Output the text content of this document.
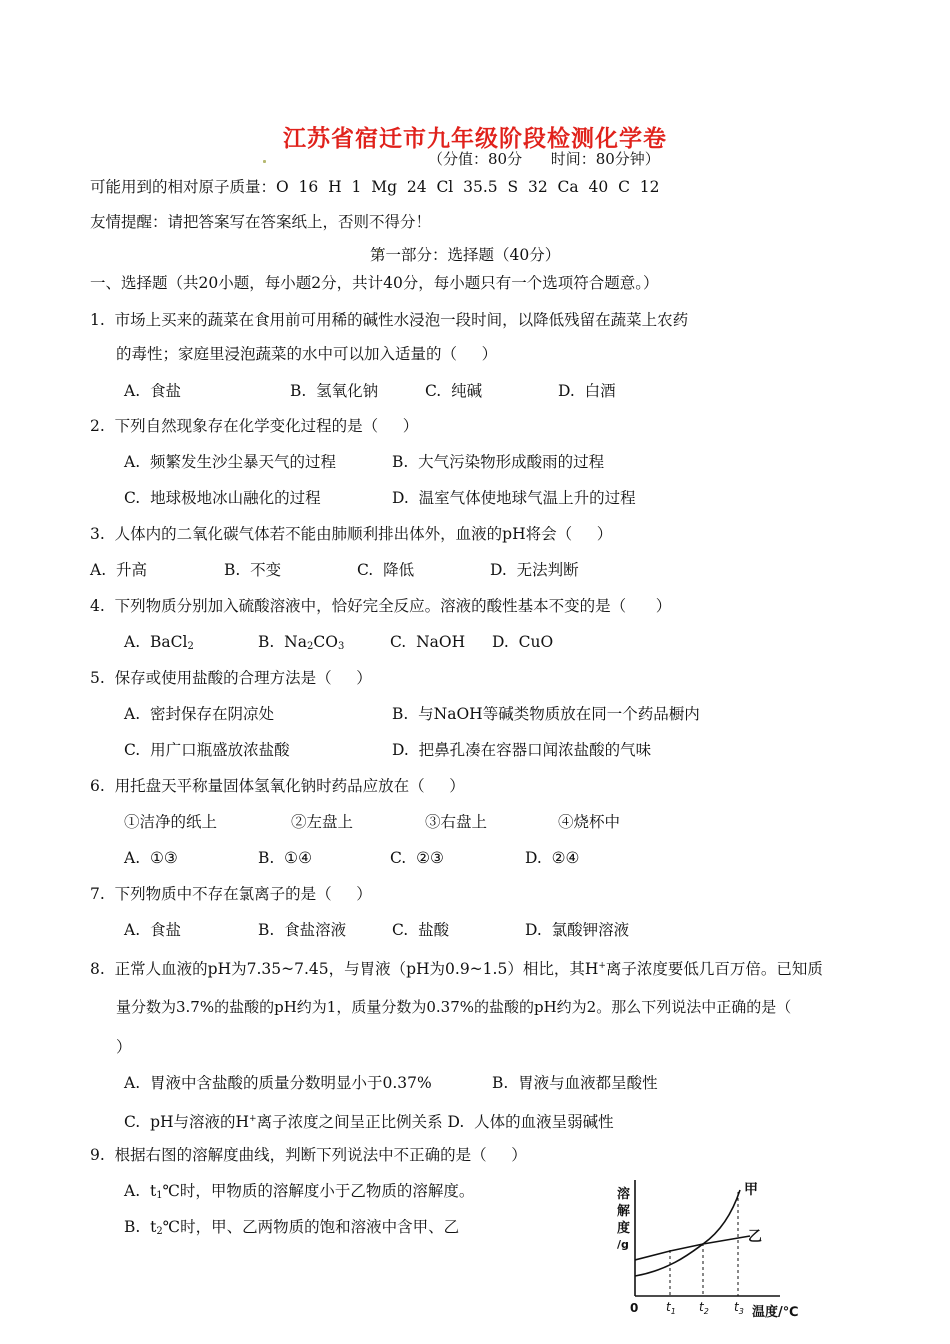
江苏省宿迁市九年级阶段检测化学卷
（分值：80分      时间：80分钟）
可能用到的相对原子质量：O  16  H  1  Mg  24  Cl  35.5  S  32  Ca  40  C  12
友情提醒：请把答案写在答案纸上，否则不得分！
第一部分：选择题（40分）
一、选择题（共20小题，每小题2分，共计40分，每小题只有一个选项符合题意。）
1.  市场上买来的蔬菜在食用前可用稀的碱性水浸泡一段时间，以降低残留在蔬菜上农药
的毒性；家庭里浸泡蔬菜的水中可以加入适量的（     ）
A.  食盐	B.  氢氧化钠	C.  纯碱	D.  白酒
2.  下列自然现象存在化学变化过程的是（     ）
A.  频繁发生沙尘暴天气的过程	B.  大气污染物形成酸雨的过程
C.  地球极地冰山融化的过程	D.  温室气体使地球气温上升的过程
3.  人体内的二氧化碳气体若不能由肺顺利排出体外，血液的pH将会（     ）
A.  升高	B.  不变	C.  降低	D.  无法判断
4.  下列物质分别加入硫酸溶液中，恰好完全反应。溶液的酸性基本不变的是（      ）
A.  BaCl$_2$	B.  $Na_2CO_3$	C.  NaOH D.  CuO
5.  保存或使用盐酸的合理方法是（     ）
A.  密封保存在阴凉处	B.  与NaOH等碱类物质放在同一个药品橱内
C.  用广口瓶盛放浓盐酸	D.  把鼻孔凑在容器口闻浓盐酸的气味
6.  用托盘天平称量固体氢氧化钠时药品应放在（     ）
①洁净的纸上	②左盘上	③右盘上	④烧杯中
A.  ①③	B.  ①④	C.  ②③	D.  ②④
7.  下列物质中不存在氯离子的是（     ）
A.  食盐	B.  食盐溶液	C.  盐酸	D.  氯酸钾溶液
8.  正常人血液的pH为7.35~7.45，与胃液（pH为0.9~1.5）相比，其H+离子浓度要低几百万倍。已知质
量分数为3.7%的盐酸的pH约为1，质量分数为0.37%的盐酸的pH约为2。那么下列说法中正确的是（
）
A.  胃液中含盐酸的质量分数明显小于0.37%	B.  胃液与血液都呈酸性
C.  pH与溶液的H+离子浓度之间呈正比例关系 D.  人体的血液呈弱碱性
9.  根据右图的溶解度曲线，判断下列说法中不正确的是（     ）
A.  $t_1℃$时，甲物质的溶解度小于乙物质的溶解度。
B.  $t_2℃$时，甲、乙两物质的饱和溶液中含甲、乙
溶
解
度
/g
甲
乙
0 $t_1$ $t_2$ $t_3$ 温度/℃
